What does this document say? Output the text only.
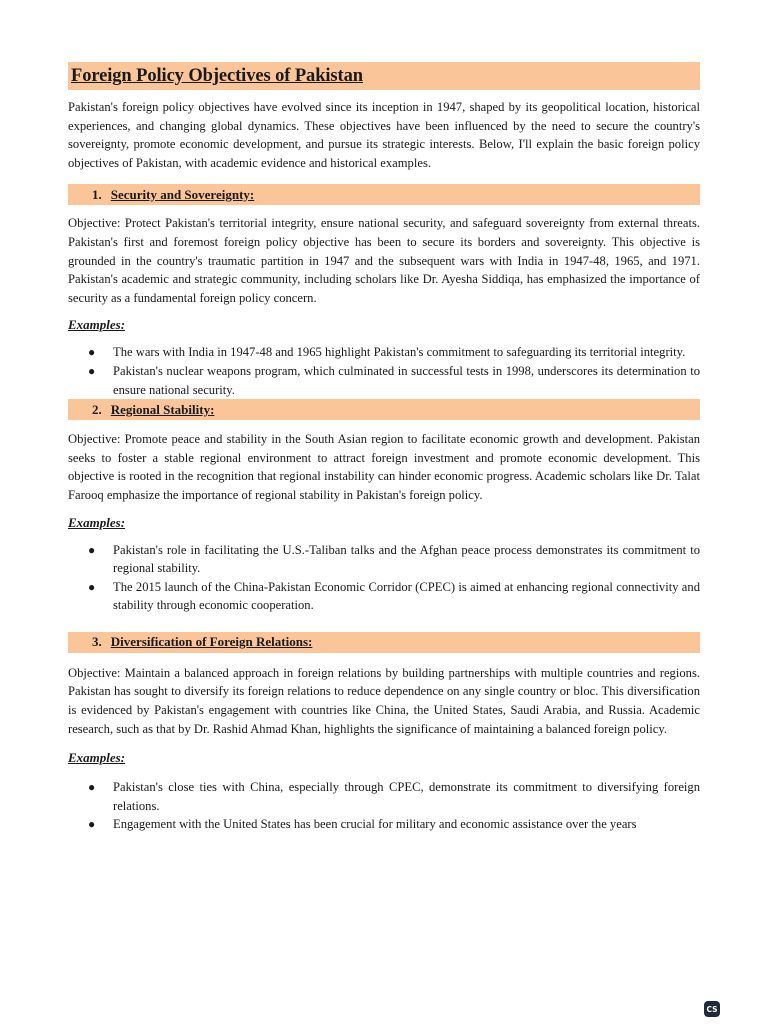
Foreign Policy Objectives of Pakistan

Pakistan's foreign policy objectives have evolved since its inception in 1947, shaped by its geopolitical location, historical experiences, and changing global dynamics. These objectives have been influenced by the need to secure the country's sovereignty, promote economic development, and pursue its strategic interests. Below, I'll explain the basic foreign policy objectives of Pakistan, with academic evidence and historical examples.

1. Security and Sovereignty:

Objective: Protect Pakistan's territorial integrity, ensure national security, and safeguard sovereignty from external threats. Pakistan's first and foremost foreign policy objective has been to secure its borders and sovereignty. This objective is grounded in the country's traumatic partition in 1947 and the subsequent wars with India in 1947-48, 1965, and 1971. Pakistan's academic and strategic community, including scholars like Dr. Ayesha Siddiqa, has emphasized the importance of security as a fundamental foreign policy concern.

Examples:
● The wars with India in 1947-48 and 1965 highlight Pakistan's commitment to safeguarding its territorial integrity.
● Pakistan's nuclear weapons program, which culminated in successful tests in 1998, underscores its determination to ensure national security.
2. Regional Stability:

Objective: Promote peace and stability in the South Asian region to facilitate economic growth and development. Pakistan seeks to foster a stable regional environment to attract foreign investment and promote economic development. This objective is rooted in the recognition that regional instability can hinder economic progress. Academic scholars like Dr. Talat Farooq emphasize the importance of regional stability in Pakistan's foreign policy.

Examples:
● Pakistan's role in facilitating the U.S.-Taliban talks and the Afghan peace process demonstrates its commitment to regional stability.
● The 2015 launch of the China-Pakistan Economic Corridor (CPEC) is aimed at enhancing regional connectivity and stability through economic cooperation.
3. Diversification of Foreign Relations:

Objective: Maintain a balanced approach in foreign relations by building partnerships with multiple countries and regions. Pakistan has sought to diversify its foreign relations to reduce dependence on any single country or bloc. This diversification is evidenced by Pakistan's engagement with countries like China, the United States, Saudi Arabia, and Russia. Academic research, such as that by Dr. Rashid Ahmad Khan, highlights the significance of maintaining a balanced foreign policy.

Examples:
● Pakistan's close ties with China, especially through CPEC, demonstrate its commitment to diversifying foreign relations.
● Engagement with the United States has been crucial for military and economic assistance over the years
CS
